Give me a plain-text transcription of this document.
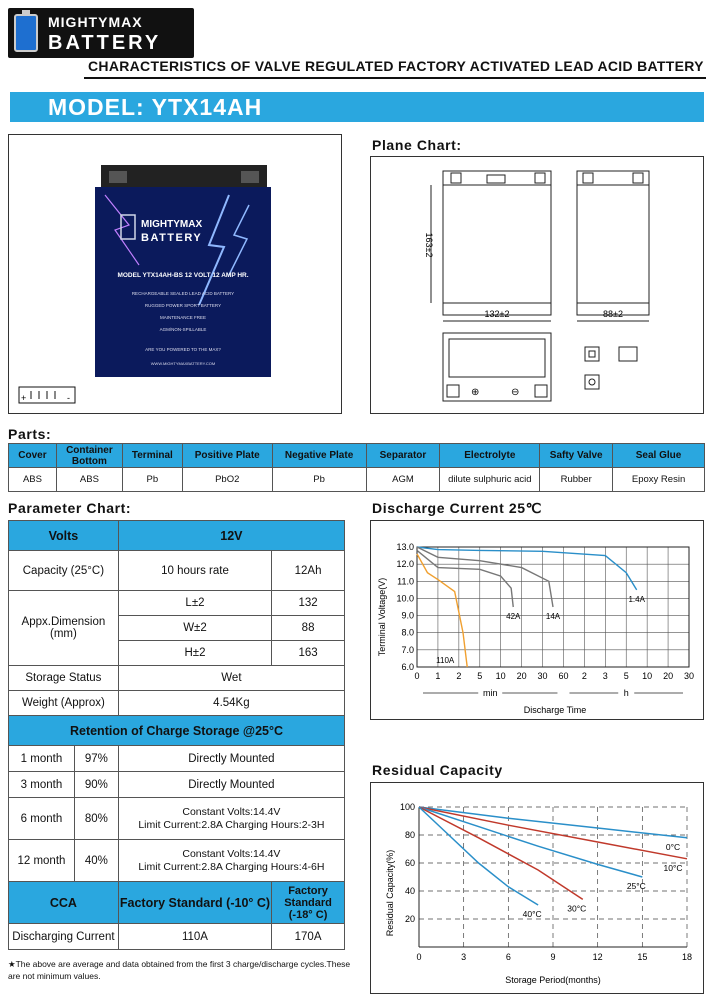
MIGHTYMAX
BATTERY
CHARACTERISTICS OF VALVE REGULATED FACTORY ACTIVATED LEAD ACID BATTERY
MODEL: YTX14AH
MIGHTYMAX
BATTERY
MODEL YTX14AH-BS 12 VOLT 12 AMP HR.
RECHARGEABLE SEALED LEAD ACID BATTERY
RUGGED POWER SPORT BATTERY
MAINTENANCE FREE
AGM/NON-SPILLABLE
ARE YOU POWERED TO THE MAX?
WWW.MIGHTYMAXBATTERY.COM
+	-
Plane Chart:
163±2
132±2	88±2
⊕	⊖
Parts:
Cover	Container Bottom	Terminal	Positive Plate	Negative Plate	Separator	Electrolyte	Safty Valve	Seal Glue
ABS	ABS	Pb	PbO2	Pb	AGM	dilute sulphuric acid	Rubber	Epoxy Resin
Parameter Chart:
Volts		12V	
Capacity (25°C)		10 hours rate	12Ah
Appx.Dimension (mm)		L±2	132
		W±2	88
		H±2	163
Storage Status		Wet	
Weight (Approx)		4.54Kg	
Retention of Charge Storage @25°C			
1 month	97%	Directly Mounted	
3 month	90%	Directly Mounted	
6 month	80%	Constant Volts:14.4V
Limit Current:2.8A Charging Hours:2-3H	

12 month	40%	Constant Volts:14.4V
Limit Current:2.8A Charging Hours:4-6H	

CCA		Factory Standard (-10° C)	Factory Standard (-18° C)
Discharging Current		110A	170A
★The above are average and data obtained from the first 3 charge/discharge cycles.These are not minimum values.
Discharge Current 25℃
0 1 2 5 10 20 30 60 2 3 5 10 20 30
6.0
7.0
8.0
9.0
10.0
11.0
12.0
13.0
min	h
1.4A
14A
42A
110A
Terminal Voltage(V)
Discharge Time
Residual Capacity
0	3	6	9	12	15	18
20
40
60
80
100
0°C
10°C
25°C
30°C
40°C
Residual Capacity(%)
Storage Period(months)
